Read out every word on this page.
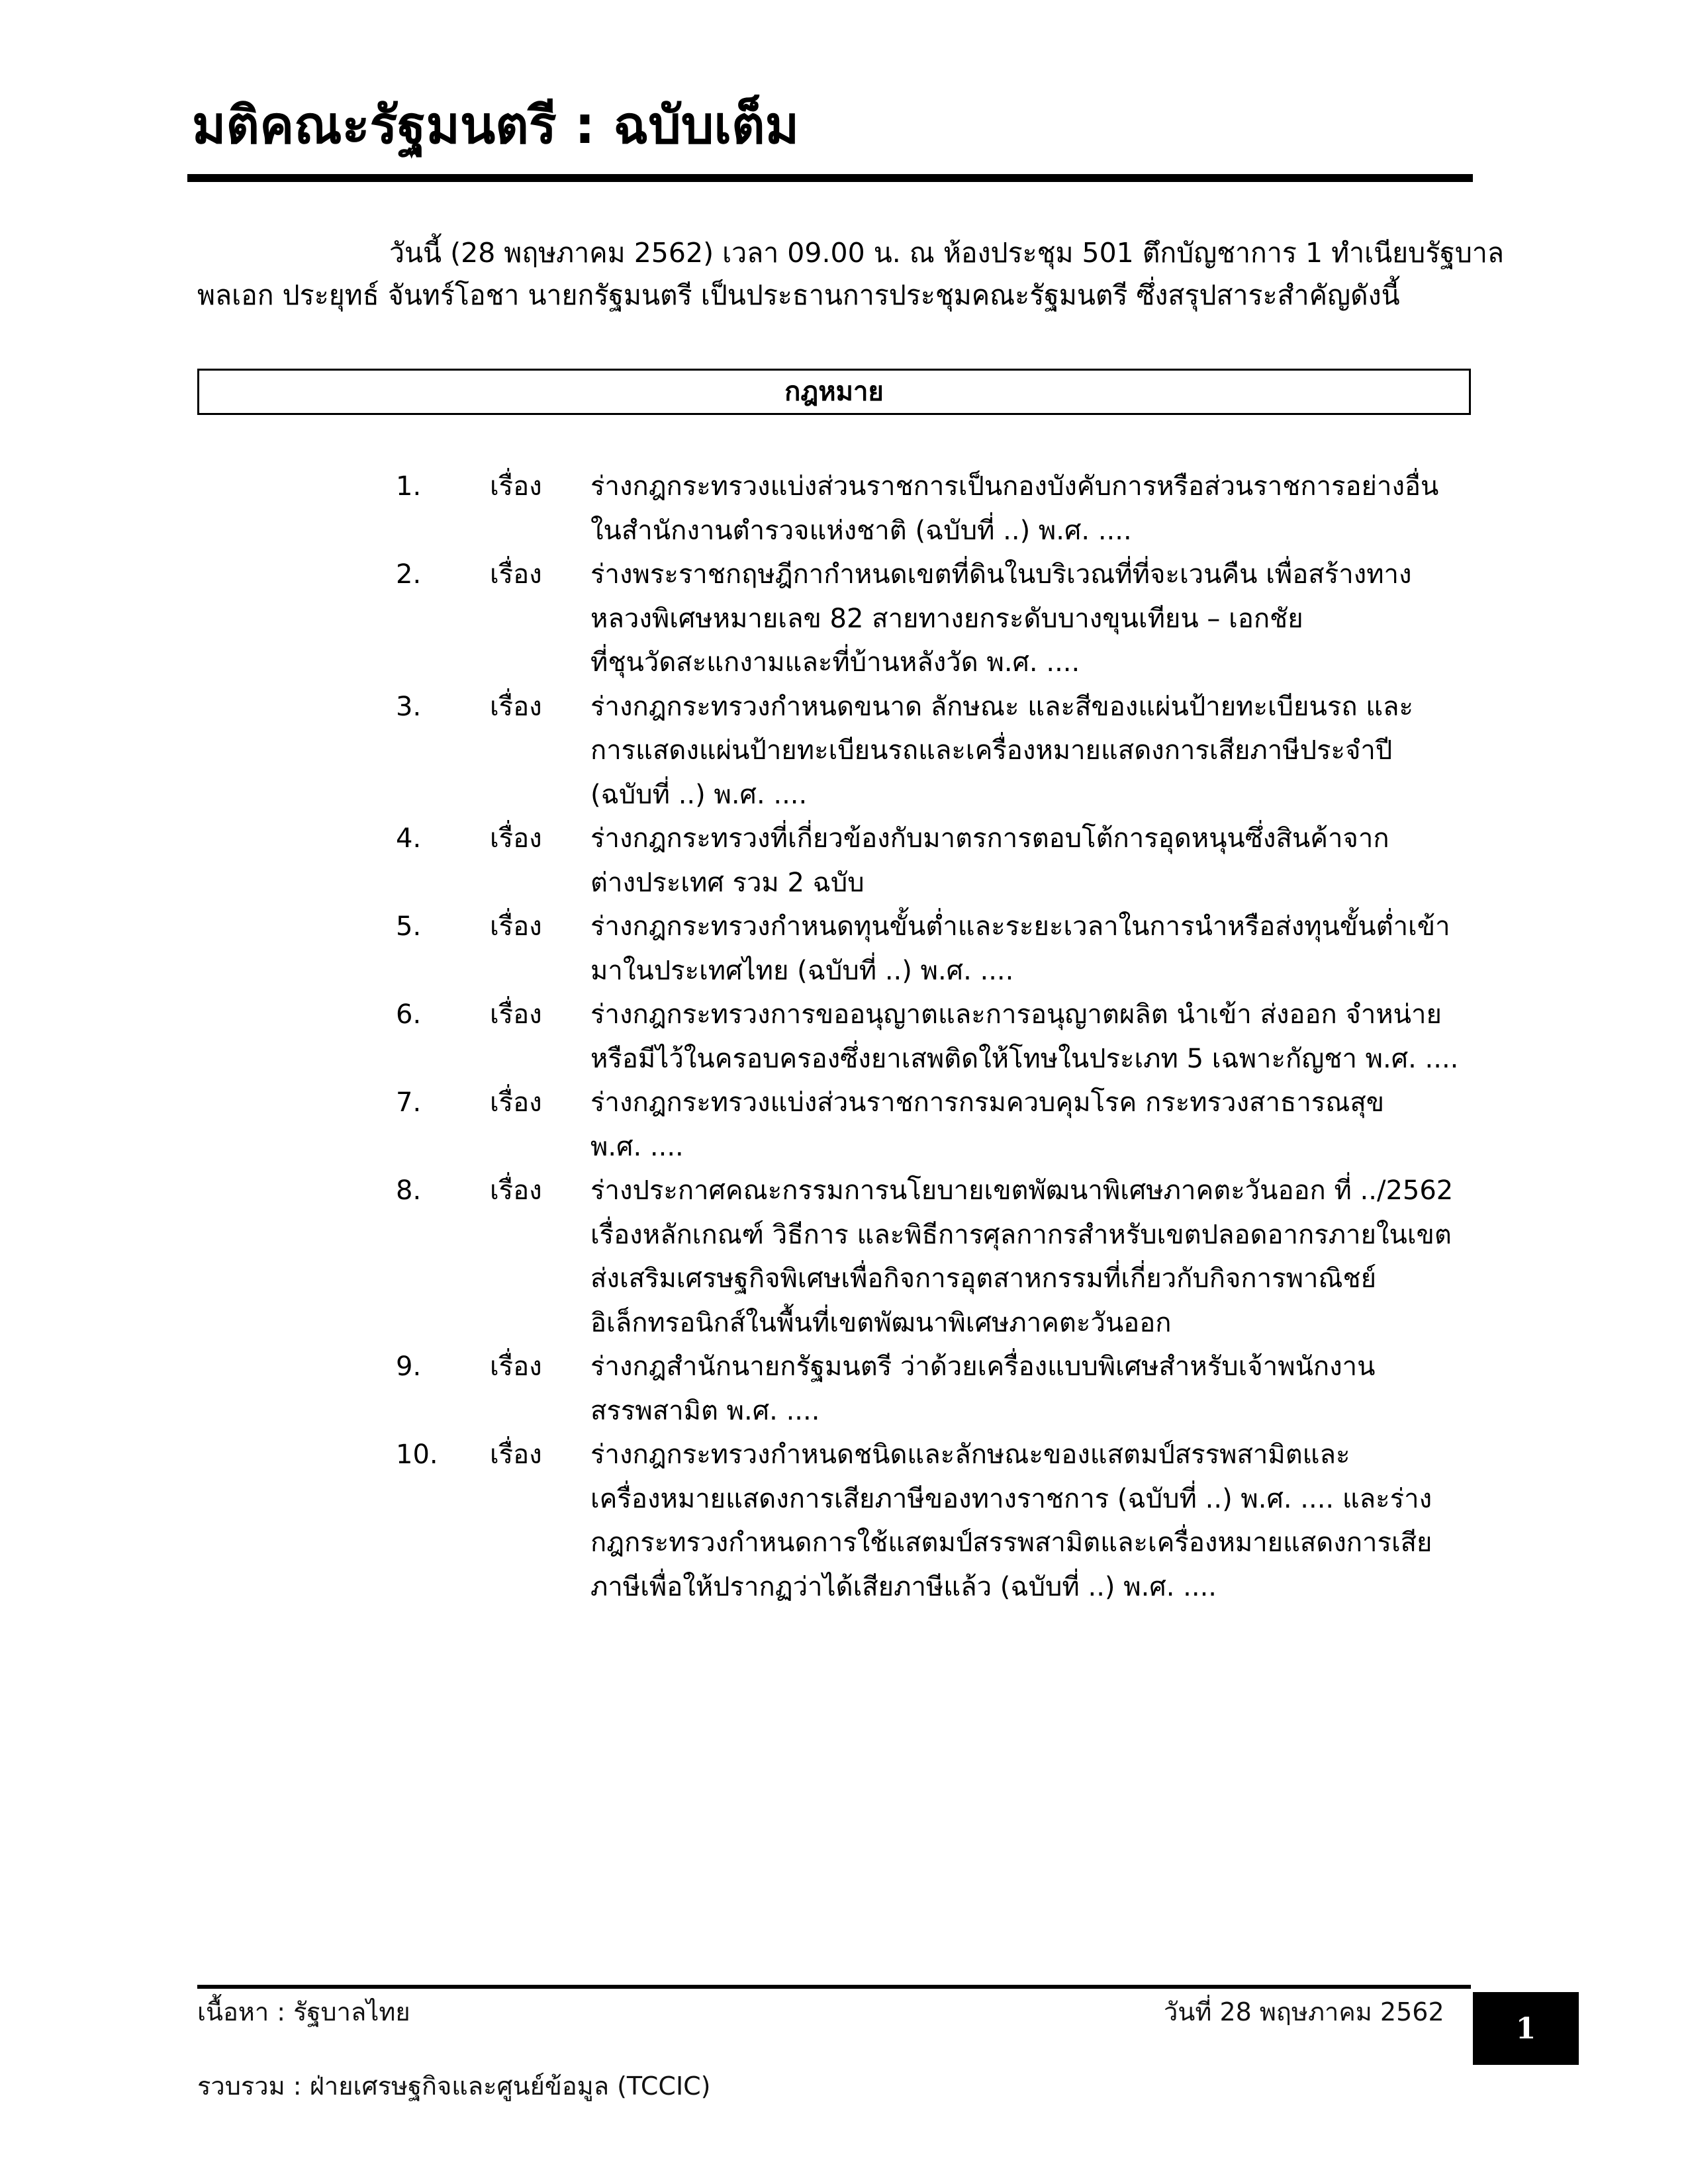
มติคณะรัฐมนตรี : ฉบับเต็ม

วันนี้ (28 พฤษภาคม 2562) เวลา 09.00 น. ณ ห้องประชุม 501 ตึกบัญชาการ 1 ทำเนียบรัฐบาล

พลเอก ประยุทธ์ จันทร์โอชา นายกรัฐมนตรี เป็นประธานการประชุมคณะรัฐมนตรี ซึ่งสรุปสาระสำคัญดังนี้

กฎหมาย
1.	เรื่อง	ร่างกฎกระทรวงแบ่งส่วนราชการเป็นกองบังคับการหรือส่วนราชการอย่างอื่น
ในสำนักงานตำรวจแห่งชาติ (ฉบับที่ ..) พ.ศ. ....
2.	เรื่อง	ร่างพระราชกฤษฎีกากำหนดเขตที่ดินในบริเวณที่ที่จะเวนคืน เพื่อสร้างทาง
หลวงพิเศษหมายเลข 82 สายทางยกระดับบางขุนเทียน – เอกชัย
ที่ชุนวัดสะแกงามและที่บ้านหลังวัด พ.ศ. ....
3.	เรื่อง	ร่างกฎกระทรวงกำหนดขนาด ลักษณะ และสีของแผ่นป้ายทะเบียนรถ และ
การแสดงแผ่นป้ายทะเบียนรถและเครื่องหมายแสดงการเสียภาษีประจำปี
(ฉบับที่ ..) พ.ศ. ....
4.	เรื่อง	ร่างกฎกระทรวงที่เกี่ยวข้องกับมาตรการตอบโต้การอุดหนุนซึ่งสินค้าจาก
ต่างประเทศ รวม 2 ฉบับ
5.	เรื่อง	ร่างกฎกระทรวงกำหนดทุนขั้นต่ำและระยะเวลาในการนำหรือส่งทุนขั้นต่ำเข้า
มาในประเทศไทย (ฉบับที่ ..) พ.ศ. ....
6.	เรื่อง	ร่างกฎกระทรวงการขออนุญาตและการอนุญาตผลิต นำเข้า ส่งออก จำหน่าย
หรือมีไว้ในครอบครองซึ่งยาเสพติดให้โทษในประเภท 5 เฉพาะกัญชา พ.ศ. ....
7.	เรื่อง	ร่างกฎกระทรวงแบ่งส่วนราชการกรมควบคุมโรค กระทรวงสาธารณสุข
พ.ศ. ....
8.	เรื่อง	ร่างประกาศคณะกรรมการนโยบายเขตพัฒนาพิเศษภาคตะวันออก ที่ ../2562
เรื่องหลักเกณฑ์ วิธีการ และพิธีการศุลกากรสำหรับเขตปลอดอากรภายในเขต
ส่งเสริมเศรษฐกิจพิเศษเพื่อกิจการอุตสาหกรรมที่เกี่ยวกับกิจการพาณิชย์
อิเล็กทรอนิกส์ในพื้นที่เขตพัฒนาพิเศษภาคตะวันออก
9.	เรื่อง	ร่างกฎสำนักนายกรัฐมนตรี ว่าด้วยเครื่องแบบพิเศษสำหรับเจ้าพนักงาน
สรรพสามิต พ.ศ. ....
10.	เรื่อง	ร่างกฎกระทรวงกำหนดชนิดและลักษณะของแสตมป์สรรพสามิตและ
เครื่องหมายแสดงการเสียภาษีของทางราชการ (ฉบับที่ ..) พ.ศ. .... และร่าง
กฎกระทรวงกำหนดการใช้แสตมป์สรรพสามิตและเครื่องหมายแสดงการเสีย
ภาษีเพื่อให้ปรากฏว่าได้เสียภาษีแล้ว (ฉบับที่ ..) พ.ศ. ....
เนื้อหา : รัฐบาลไทย
รวบรวม : ฝ่ายเศรษฐกิจและศูนย์ข้อมูล (TCCIC)
วันที่ 28 พฤษภาคม 2562	1
